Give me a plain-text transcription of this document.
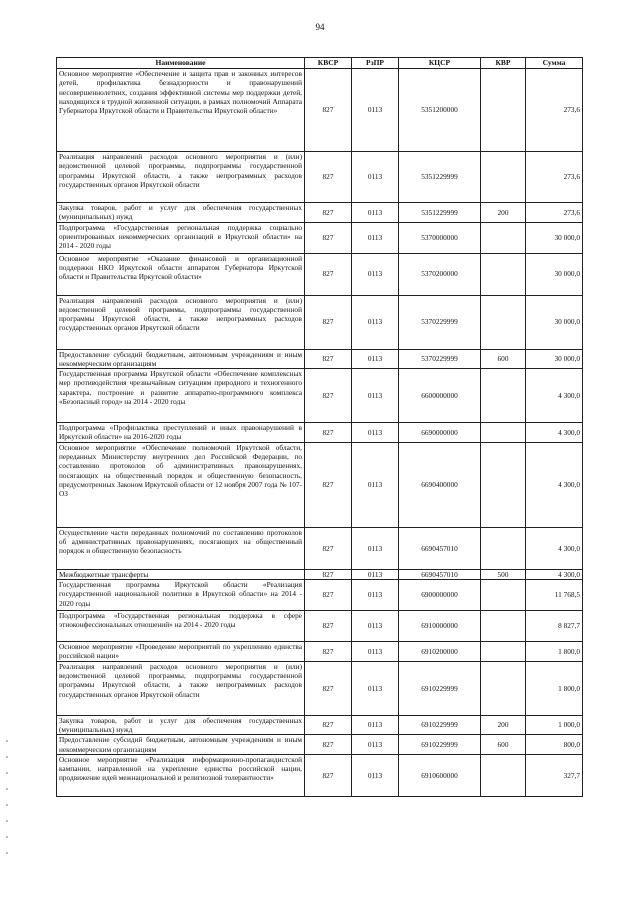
94
Наименование	КВСР	РзПР	КЦСР	КВР	Сумма
Основное мероприятие «Обеспечение и защита прав и законных интересов детей, профилактика безнадзорности и правонарушений несовершеннолетних, создания эффективной системы мер поддержки детей, находящихся в трудной жизненной ситуации, в рамках полномочий Аппарата Губернатора Иркутской области и Правительства Иркутской области»	827	0113	5351200000		273,6
Реализация направлений расходов основного мероприятия и (или) ведомственной целевой программы, подпрограммы государственной программы Иркутской области, а также непрограммных расходов государственных органов Иркутской области	827	0113	5351229999		273,6
Закупка товаров, работ и услуг для обеспечения государственных (муниципальных) нужд	827	0113	5351229999	200	273,6
Подпрограмма «Государственная региональная поддержка социально ориентированных некоммерческих организаций в Иркутской области» на 2014 - 2020 годы	827	0113	5370000000		30 000,0
Основное мероприятие «Оказание финансовой и организационной поддержки НКО Иркутской области аппаратом Губернатора Иркутской области и Правительства Иркутской области»	827	0113	5370200000		30 000,0
Реализация направлений расходов основного мероприятия и (или) ведомственной целевой программы, подпрограммы государственной программы Иркутской области, а также непрограммных расходов государственных органов Иркутской области	827	0113	5370229999		30 000,0
Предоставление субсидий бюджетным, автономным учреждениям и иным некоммерческим организациям	827	0113	5370229999	600	30 000,0
Государственная программа Иркутской области «Обеспечение комплексных мер противодействия чрезвычайным ситуациям природного и техногенного характера, построение и развитие аппаратно-программного комплекса «Безопасный город» на 2014 - 2020 годы	827	0113	6600000000		4 300,0
Подпрограмма «Профилактика преступлений и иных правонарушений в Иркутской области» на 2016-2020 годы	827	0113	6690000000		4 300,0
Основное мероприятие «Обеспечение полномочий Иркутской области, переданных Министерству внутренних дел Российской Федерации, по составлению протоколов об административных правонарушениях, посягающих на общественный порядок и общественную безопасность, предусмотренных Законом Иркутской области от 12 ноября 2007 года № 107-ОЗ	827	0113	6690400000		4 300,0
Осуществление части переданных полномочий по составлению протоколов об административных правонарушениях, посягающих на общественный порядок и общественную безопасность	827	0113	6690457010		4 300,0
Межбюджетные трансферты	827	0113	6690457010	500	4 300,0
Государственная программа Иркутской области «Реализация государственной национальной политики в Иркутской области» на 2014 - 2020 годы	827	0113	6900000000		11 768,5
Подпрограмма «Государственная региональная поддержка в сфере этноконфессиональных отношений» на 2014 - 2020 годы	827	0113	6910000000		8 827,7
Основное мероприятие «Проведение мероприятий по укреплению единства российской нации»	827	0113	6910200000		1 800,0
Реализация направлений расходов основного мероприятия и (или) ведомственной целевой программы, подпрограммы государственной программы Иркутской области, а также непрограммных расходов государственных органов Иркутской области	827	0113	6910229999		1 800,0
Закупка товаров, работ и услуг для обеспечения государственных (муниципальных) нужд	827	0113	6910229999	200	1 000,0
Предоставление субсидий бюджетным, автономным учреждениям и иным некоммерческим организациям	827	0113	6910229999	600	800,0
Основное мероприятие «Реализация информационно-пропагандистской кампании, направленной на укрепление единства российской нации, продвижение идей межнациональной и религиозной толерантности»	827	0113	6910600000		327,7
